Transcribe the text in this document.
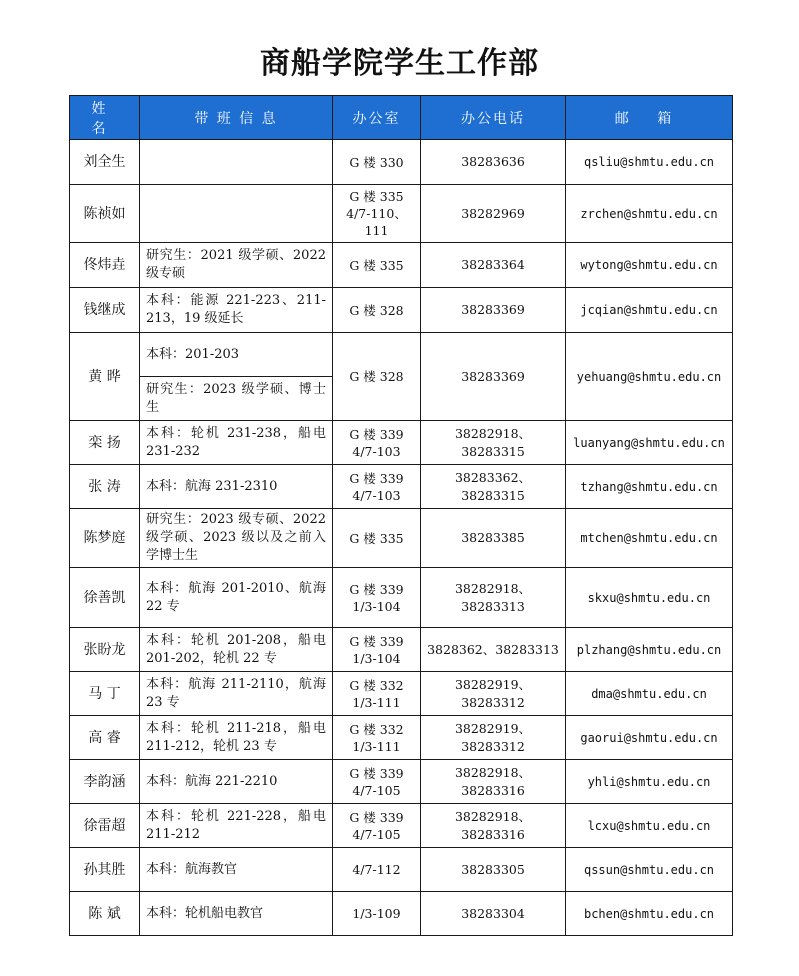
商船学院学生工作部
姓 名	带 班 信 息	办公室	办公电话	邮 箱
刘全生		G 楼 330	38283636	qsliu@shmtu.edu.cn
陈祯如		G 楼 335
4/7-110、
111	38282969	zrchen@shmtu.edu.cn
佟炜垚	研究生：2021 级学硕、2022 级专硕	G 楼 335	38283364	wytong@shmtu.edu.cn
钱继成	本科：能源 221-223、211-213，19 级延长	G 楼 328	38283369	jcqian@shmtu.edu.cn
黄 晔	本科：201-203	G 楼 328	38283369	yehuang@shmtu.edu.cn
	研究生：2023 级学硕、博士生			
栾 扬	本科：轮机 231-238，船电 231-232	G 楼 339
4/7-103	38282918、38283315	luanyang@shmtu.edu.cn
张 涛	本科：航海 231-2310	G 楼 339
4/7-103	38283362、38283315	tzhang@shmtu.edu.cn
陈梦庭	研究生：2023 级专硕、2022 级学硕、2023 级以及之前入学博士生	G 楼 335	38283385	mtchen@shmtu.edu.cn
徐善凯	本科：航海 201-2010、航海 22 专	G 楼 339
1/3-104	38282918、38283313	skxu@shmtu.edu.cn
张盼龙	本科：轮机 201-208，船电 201-202，轮机 22 专	G 楼 339
1/3-104	3828362、38283313	plzhang@shmtu.edu.cn
马 丁	本科：航海 211-2110，航海 23 专	G 楼 332
1/3-111	38282919、38283312	dma@shmtu.edu.cn
高 睿	本科：轮机 211-218，船电 211-212，轮机 23 专	G 楼 332
1/3-111	38282919、38283312	gaorui@shmtu.edu.cn
李韵涵	本科：航海 221-2210	G 楼 339
4/7-105	38282918、38283316	yhli@shmtu.edu.cn
徐雷超	本科：轮机 221-228，船电 211-212	G 楼 339
4/7-105	38282918、38283316	lcxu@shmtu.edu.cn
孙其胜	本科：航海教官	4/7-112	38283305	qssun@shmtu.edu.cn
陈 斌	本科：轮机船电教官	1/3-109	38283304	bchen@shmtu.edu.cn
